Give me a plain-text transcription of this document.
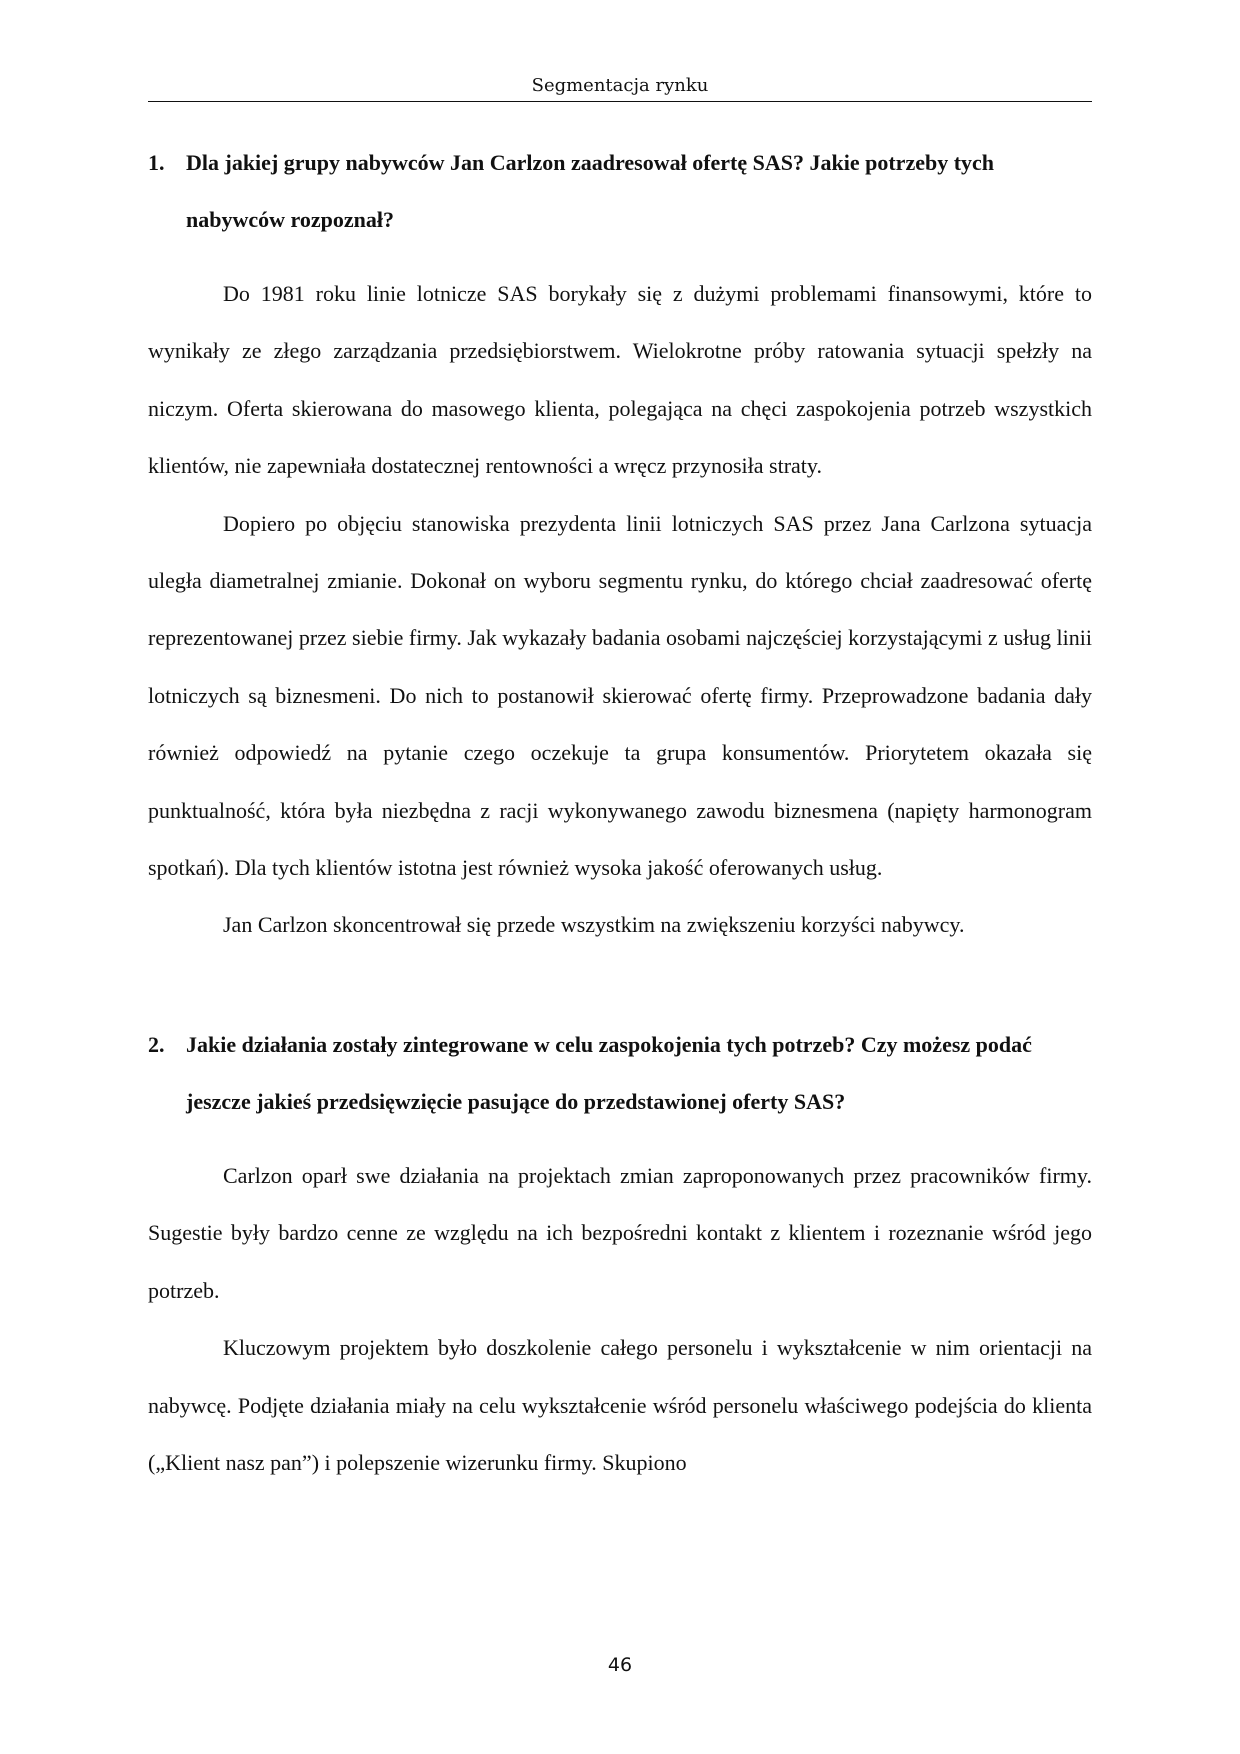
Segmentacja rynku
1. Dla jakiej grupy nabywców Jan Carlzon zaadresował ofertę SAS? Jakie potrzeby tych nabywców rozpoznał?

Do 1981 roku linie lotnicze SAS borykały się z dużymi problemami finansowymi, które to wynikały ze złego zarządzania przedsiębiorstwem. Wielokrotne próby ratowania sytuacji spełzły na niczym. Oferta skierowana do masowego klienta, polegająca na chęci zaspokojenia potrzeb wszystkich klientów, nie zapewniała dostatecznej rentowności a wręcz przynosiła straty.

Dopiero po objęciu stanowiska prezydenta linii lotniczych SAS przez Jana Carlzona sytuacja uległa diametralnej zmianie. Dokonał on wyboru segmentu rynku, do którego chciał zaadresować ofertę reprezentowanej przez siebie firmy. Jak wykazały badania osobami najczęściej korzystającymi z usług linii lotniczych są biznesmeni. Do nich to postanowił skierować ofertę firmy. Przeprowadzone badania dały również odpowiedź na pytanie czego oczekuje ta grupa konsumentów. Priorytetem okazała się punktualność, która była niezbędna z racji wykonywanego zawodu biznesmena (napięty harmonogram spotkań). Dla tych klientów istotna jest również wysoka jakość oferowanych usług.

Jan Carlzon skoncentrował się przede wszystkim na zwiększeniu korzyści nabywcy.

2. Jakie działania zostały zintegrowane w celu zaspokojenia tych potrzeb? Czy możesz podać jeszcze jakieś przedsięwzięcie pasujące do przedstawionej oferty SAS?

Carlzon oparł swe działania na projektach zmian zaproponowanych przez pracowników firmy. Sugestie były bardzo cenne ze względu na ich bezpośredni kontakt z klientem i rozeznanie wśród jego potrzeb.

Kluczowym projektem było doszkolenie całego personelu i wykształcenie w nim orientacji na nabywcę. Podjęte działania miały na celu wykształcenie wśród personelu właściwego podejścia do klienta („Klient nasz pan”) i polepszenie wizerunku firmy. Skupiono

46
